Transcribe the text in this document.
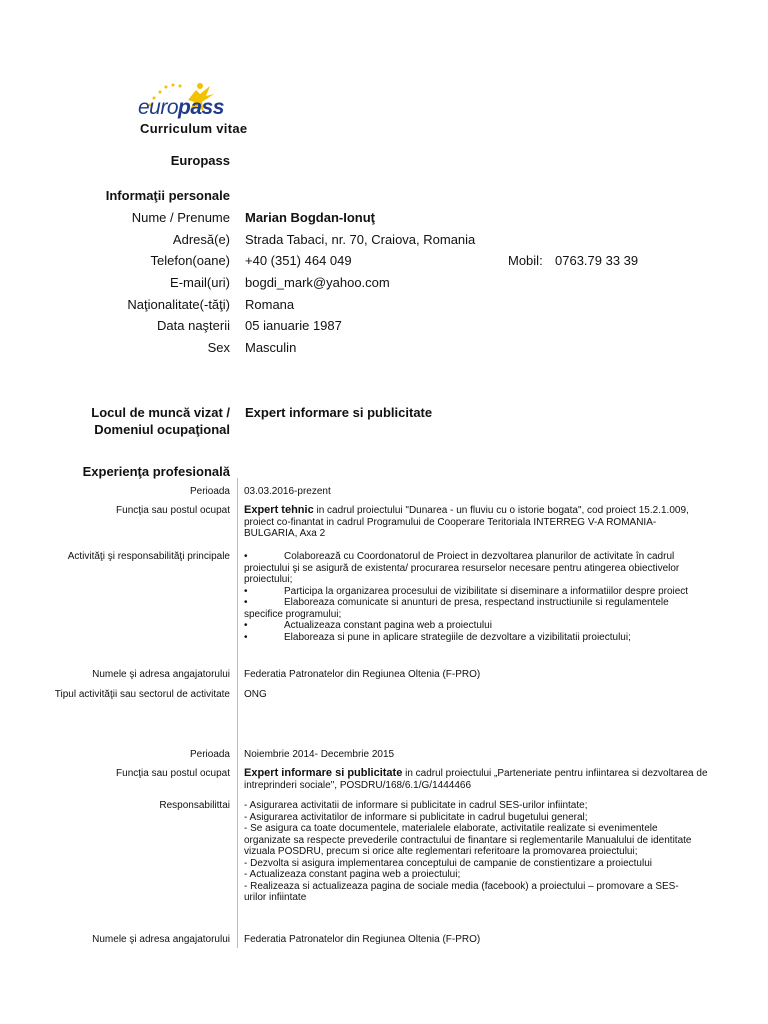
europass
Curriculum vitae
Europass
Informaţii personale
Nume / Prenume Marian Bogdan-Ionuţ
Adresă(e) Strada Tabaci, nr. 70, Craiova, Romania
Telefon(oane) +40 (351) 464 049	Mobil: 0763.79 33 39
E-mail(uri) bogdi_mark@yahoo.com
Naţionalitate(-tăţi) Romana
Data naşterii 05 ianuarie 1987
Sex Masculin
Locul de muncă vizat /
Domeniul ocupaţional
Expert informare si publicitate
Experienţa profesională
Perioada 03.03.2016-prezent
Funcţia sau postul ocupat Expert tehnic in cadrul proiectului "Dunarea - un fluviu cu o istorie bogata", cod proiect 15.2.1.009,
proiect co-finantat in cadrul Programului de Cooperare Teritoriala INTERREG V-A ROMANIA-
BULGARIA, Axa 2
Activităţi şi responsabilităţi principale •	Colaborează cu Coordonatorul de Proiect in dezvoltarea planurilor de activitate în cadrul
proiectului şi se asigură de existenta/ procurarea resurselor necesare pentru atingerea obiectivelor
proiectului;
•	Participa la organizarea procesului de vizibilitate si diseminare a informatiilor despre proiect
•	Elaboreaza comunicate si anunturi de presa, respectand instructiunile si regulamentele
specifice programului;
•	Actualizeaza constant pagina web a proiectului
•	Elaboreaza si pune in aplicare strategiile de dezvoltare a vizibilitatii proiectului;
Numele şi adresa angajatorului Federatia Patronatelor din Regiunea Oltenia (F-PRO)
Tipul activităţii sau sectorul de activitate ONG
Perioada Noiembrie 2014- Decembrie 2015
Funcţia sau postul ocupat Expert informare si publicitate in cadrul proiectului „Parteneriate pentru infiintarea si dezvoltarea de
intreprinderi sociale", POSDRU/168/6.1/G/1444466
Responsabilittai - Asigurarea activitatii de informare si publicitate in cadrul SES-urilor infiintate;
- Asigurarea activitatilor de informare si publicitate in cadrul bugetului general;
- Se asigura ca toate documentele, materialele elaborate, activitatile realizate si evenimentele
organizate sa respecte prevederile contractului de finantare si reglementarile Manualului de identitate
vizuala POSDRU, precum si orice alte reglementari referitoare la promovarea proiectului;
- Dezvolta si asigura implementarea conceptului de campanie de constientizare a proiectului
- Actualizeaza constant pagina web a proiectului;
- Realizeaza si actualizeaza pagina de sociale media (facebook) a proiectului – promovare a SES-
urilor infiintate
Numele şi adresa angajatorului Federatia Patronatelor din Regiunea Oltenia (F-PRO)
